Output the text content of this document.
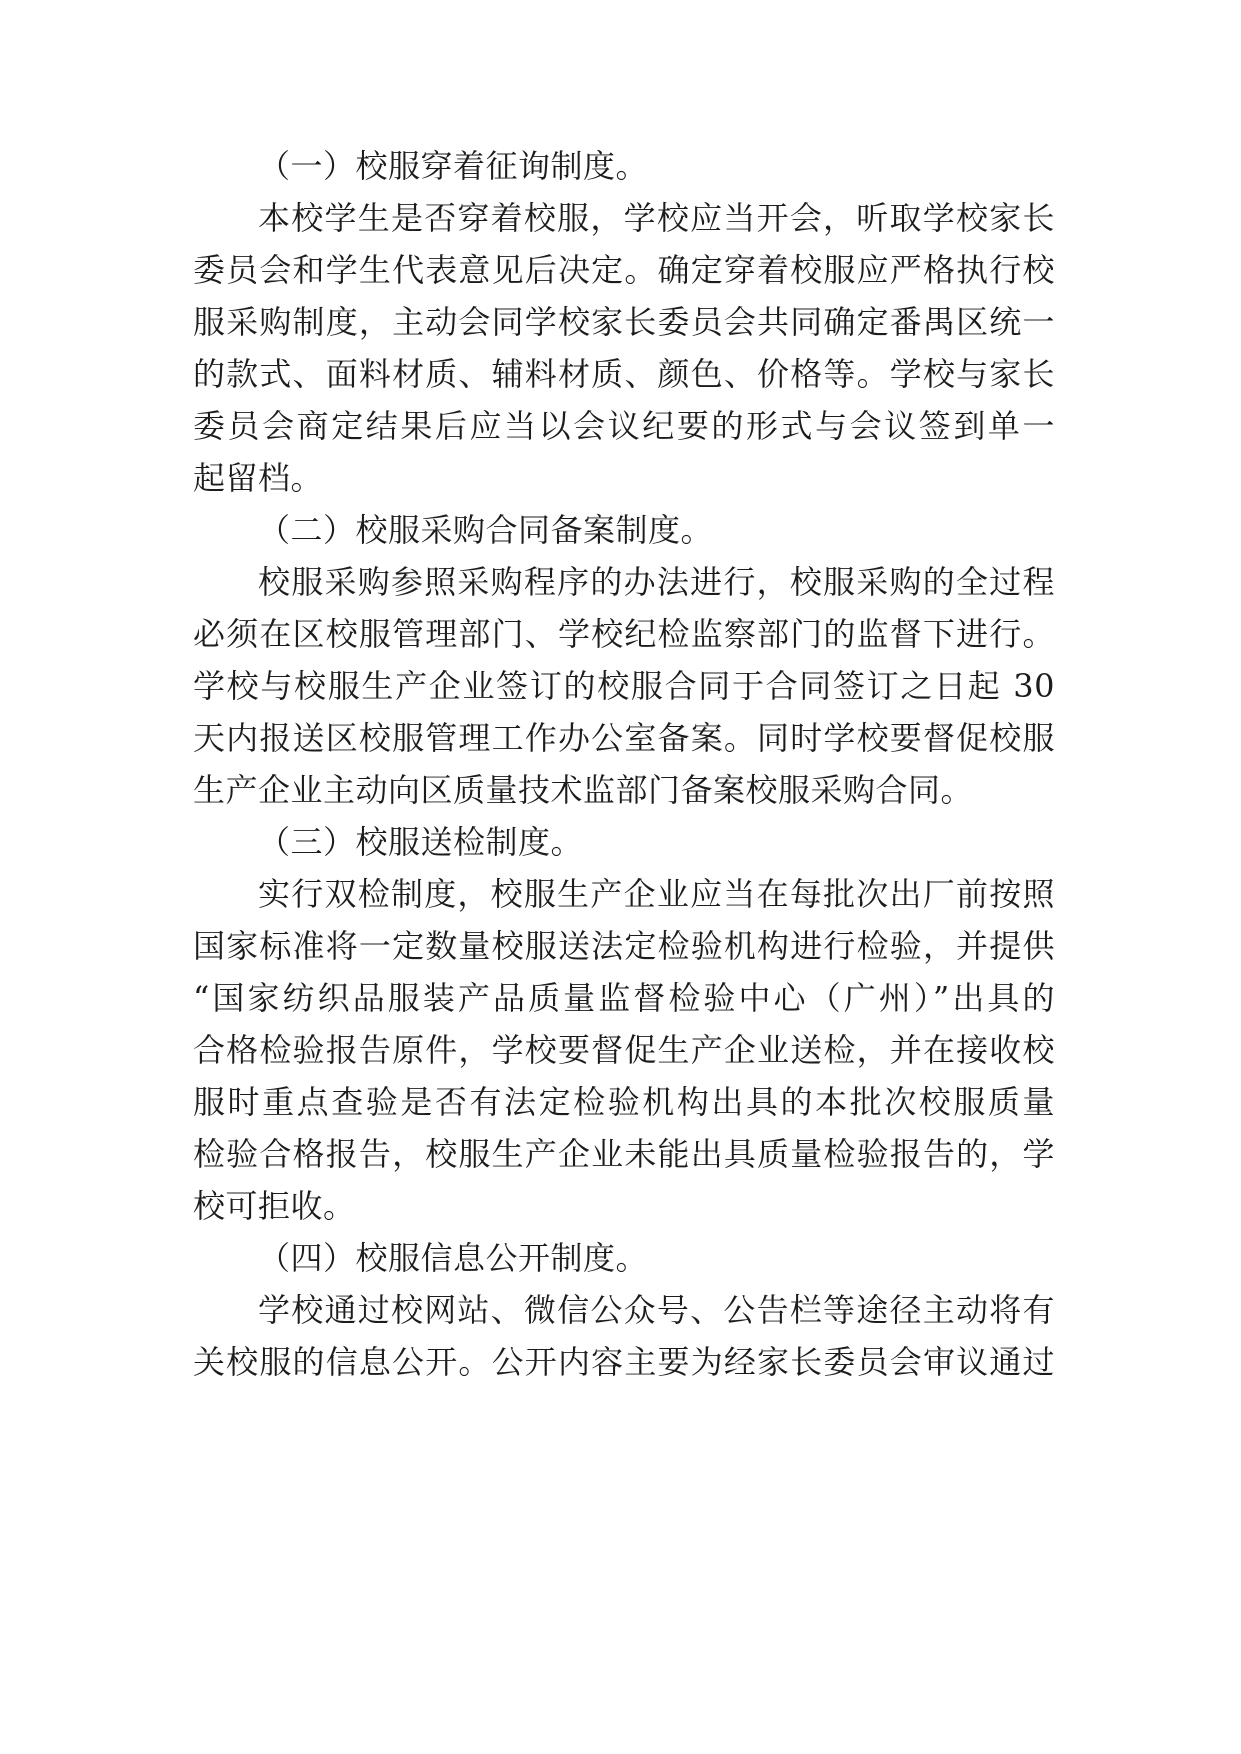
（一）校服穿着征询制度。
本校学生是否穿着校服，学校应当开会，听取学校家长
委员会和学生代表意见后决定。确定穿着校服应严格执行校
服采购制度，主动会同学校家长委员会共同确定番禺区统一
的款式、面料材质、辅料材质、颜色、价格等。学校与家长
委员会商定结果后应当以会议纪要的形式与会议签到单一
起留档。
（二）校服采购合同备案制度。
校服采购参照采购程序的办法进行，校服采购的全过程
必须在区校服管理部门、学校纪检监察部门的监督下进行。
学校与校服生产企业签订的校服合同于合同签订之日起 30
天内报送区校服管理工作办公室备案。同时学校要督促校服
生产企业主动向区质量技术监部门备案校服采购合同。
（三）校服送检制度。
实行双检制度，校服生产企业应当在每批次出厂前按照
国家标准将一定数量校服送法定检验机构进行检验，并提供
“国家纺织品服装产品质量监督检验中心（广州）”出具的
合格检验报告原件，学校要督促生产企业送检，并在接收校
服时重点查验是否有法定检验机构出具的本批次校服质量
检验合格报告，校服生产企业未能出具质量检验报告的，学
校可拒收。
（四）校服信息公开制度。
学校通过校网站、微信公众号、公告栏等途径主动将有
关校服的信息公开。公开内容主要为经家长委员会审议通过
